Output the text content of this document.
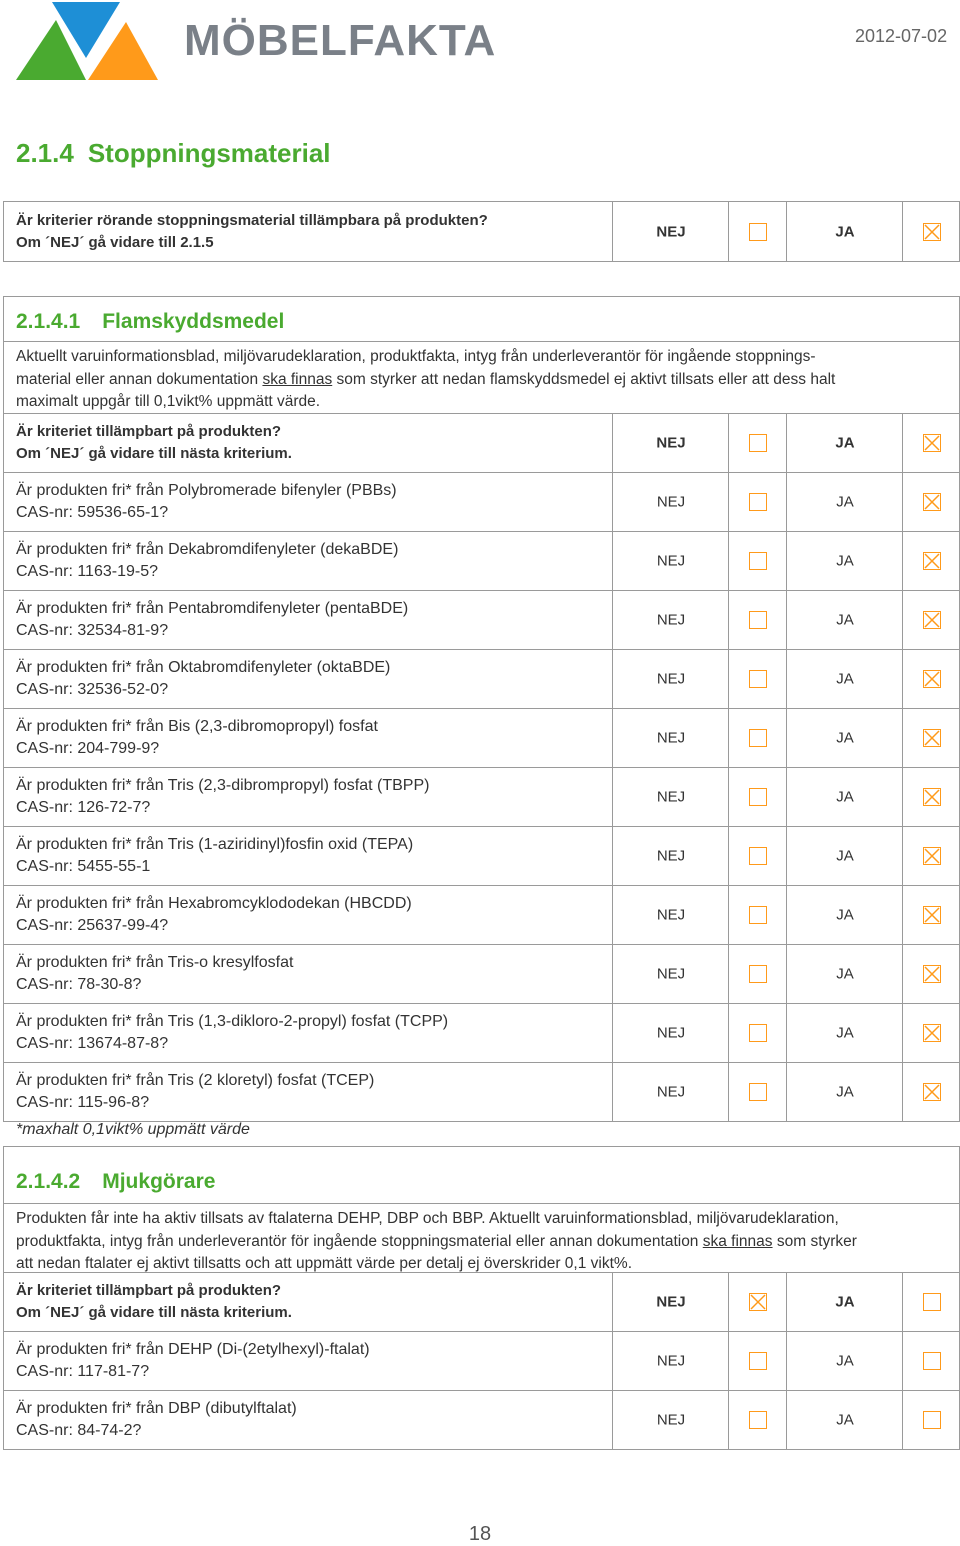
MÖBELFAKTA	2012-07-02
2.1.4 Stoppningsmaterial
Är kriterier rörande stoppningsmaterial tillämpbara på produkten?
Om ´NEJ´ gå vidare till 2.1.5
NEJ	JA
2.1.4.1 Flamskyddsmedel
Aktuellt varuinformationsblad, miljövarudeklaration, produktfakta, intyg från underleverantör för ingående stoppnings-
material eller annan dokumentation ska finnas som styrker att nedan flamskyddsmedel ej aktivt tillsats eller att dess halt
maximalt uppgår till 0,1vikt% uppmätt värde.
Är kriteriet tillämpbart på produkten?
Om ´NEJ´ gå vidare till nästa kriterium.
NEJ	JA
Är produkten fri* från Polybromerade bifenyler (PBBs)
CAS-nr: 59536-65-1?
NEJ	JA
Är produkten fri* från Dekabromdifenyleter (dekaBDE)
CAS-nr: 1163-19-5?
NEJ	JA
Är produkten fri* från Pentabromdifenyleter (pentaBDE)
CAS-nr: 32534-81-9?
NEJ	JA
Är produkten fri* från Oktabromdifenyleter (oktaBDE)
CAS-nr: 32536-52-0?
NEJ	JA
Är produkten fri* från Bis (2,3-dibromopropyl) fosfat
CAS-nr: 204-799-9?
NEJ	JA
Är produkten fri* från Tris (2,3-dibrompropyl) fosfat (TBPP)
CAS-nr: 126-72-7?
NEJ	JA
Är produkten fri* från Tris (1-aziridinyl)fosfin oxid (TEPA)
CAS-nr: 5455-55-1
NEJ	JA
Är produkten fri* från Hexabromcyklododekan (HBCDD)
CAS-nr: 25637-99-4?
NEJ	JA
Är produkten fri* från Tris-o kresylfosfat
CAS-nr: 78-30-8?
NEJ	JA
Är produkten fri* från Tris (1,3-dikloro-2-propyl) fosfat (TCPP)
CAS-nr: 13674-87-8?
NEJ	JA
Är produkten fri* från Tris (2 kloretyl) fosfat (TCEP)
CAS-nr: 115-96-8?
NEJ	JA
*maxhalt 0,1vikt% uppmätt värde
2.1.4.2 Mjukgörare
Produkten får inte ha aktiv tillsats av ftalaterna DEHP, DBP och BBP. Aktuellt varuinformationsblad, miljövarudeklaration,
produktfakta, intyg från underleverantör för ingående stoppningsmaterial eller annan dokumentation ska finnas som styrker
att nedan ftalater ej aktivt tillsatts och att uppmätt värde per detalj ej överskrider 0,1 vikt%.
Är kriteriet tillämpbart på produkten?
Om ´NEJ´ gå vidare till nästa kriterium.
NEJ	JA
Är produkten fri* från DEHP (Di-(2etylhexyl)-ftalat)
CAS-nr: 117-81-7?
NEJ	JA
Är produkten fri* från DBP (dibutylftalat)
CAS-nr: 84-74-2?
NEJ	JA
18
